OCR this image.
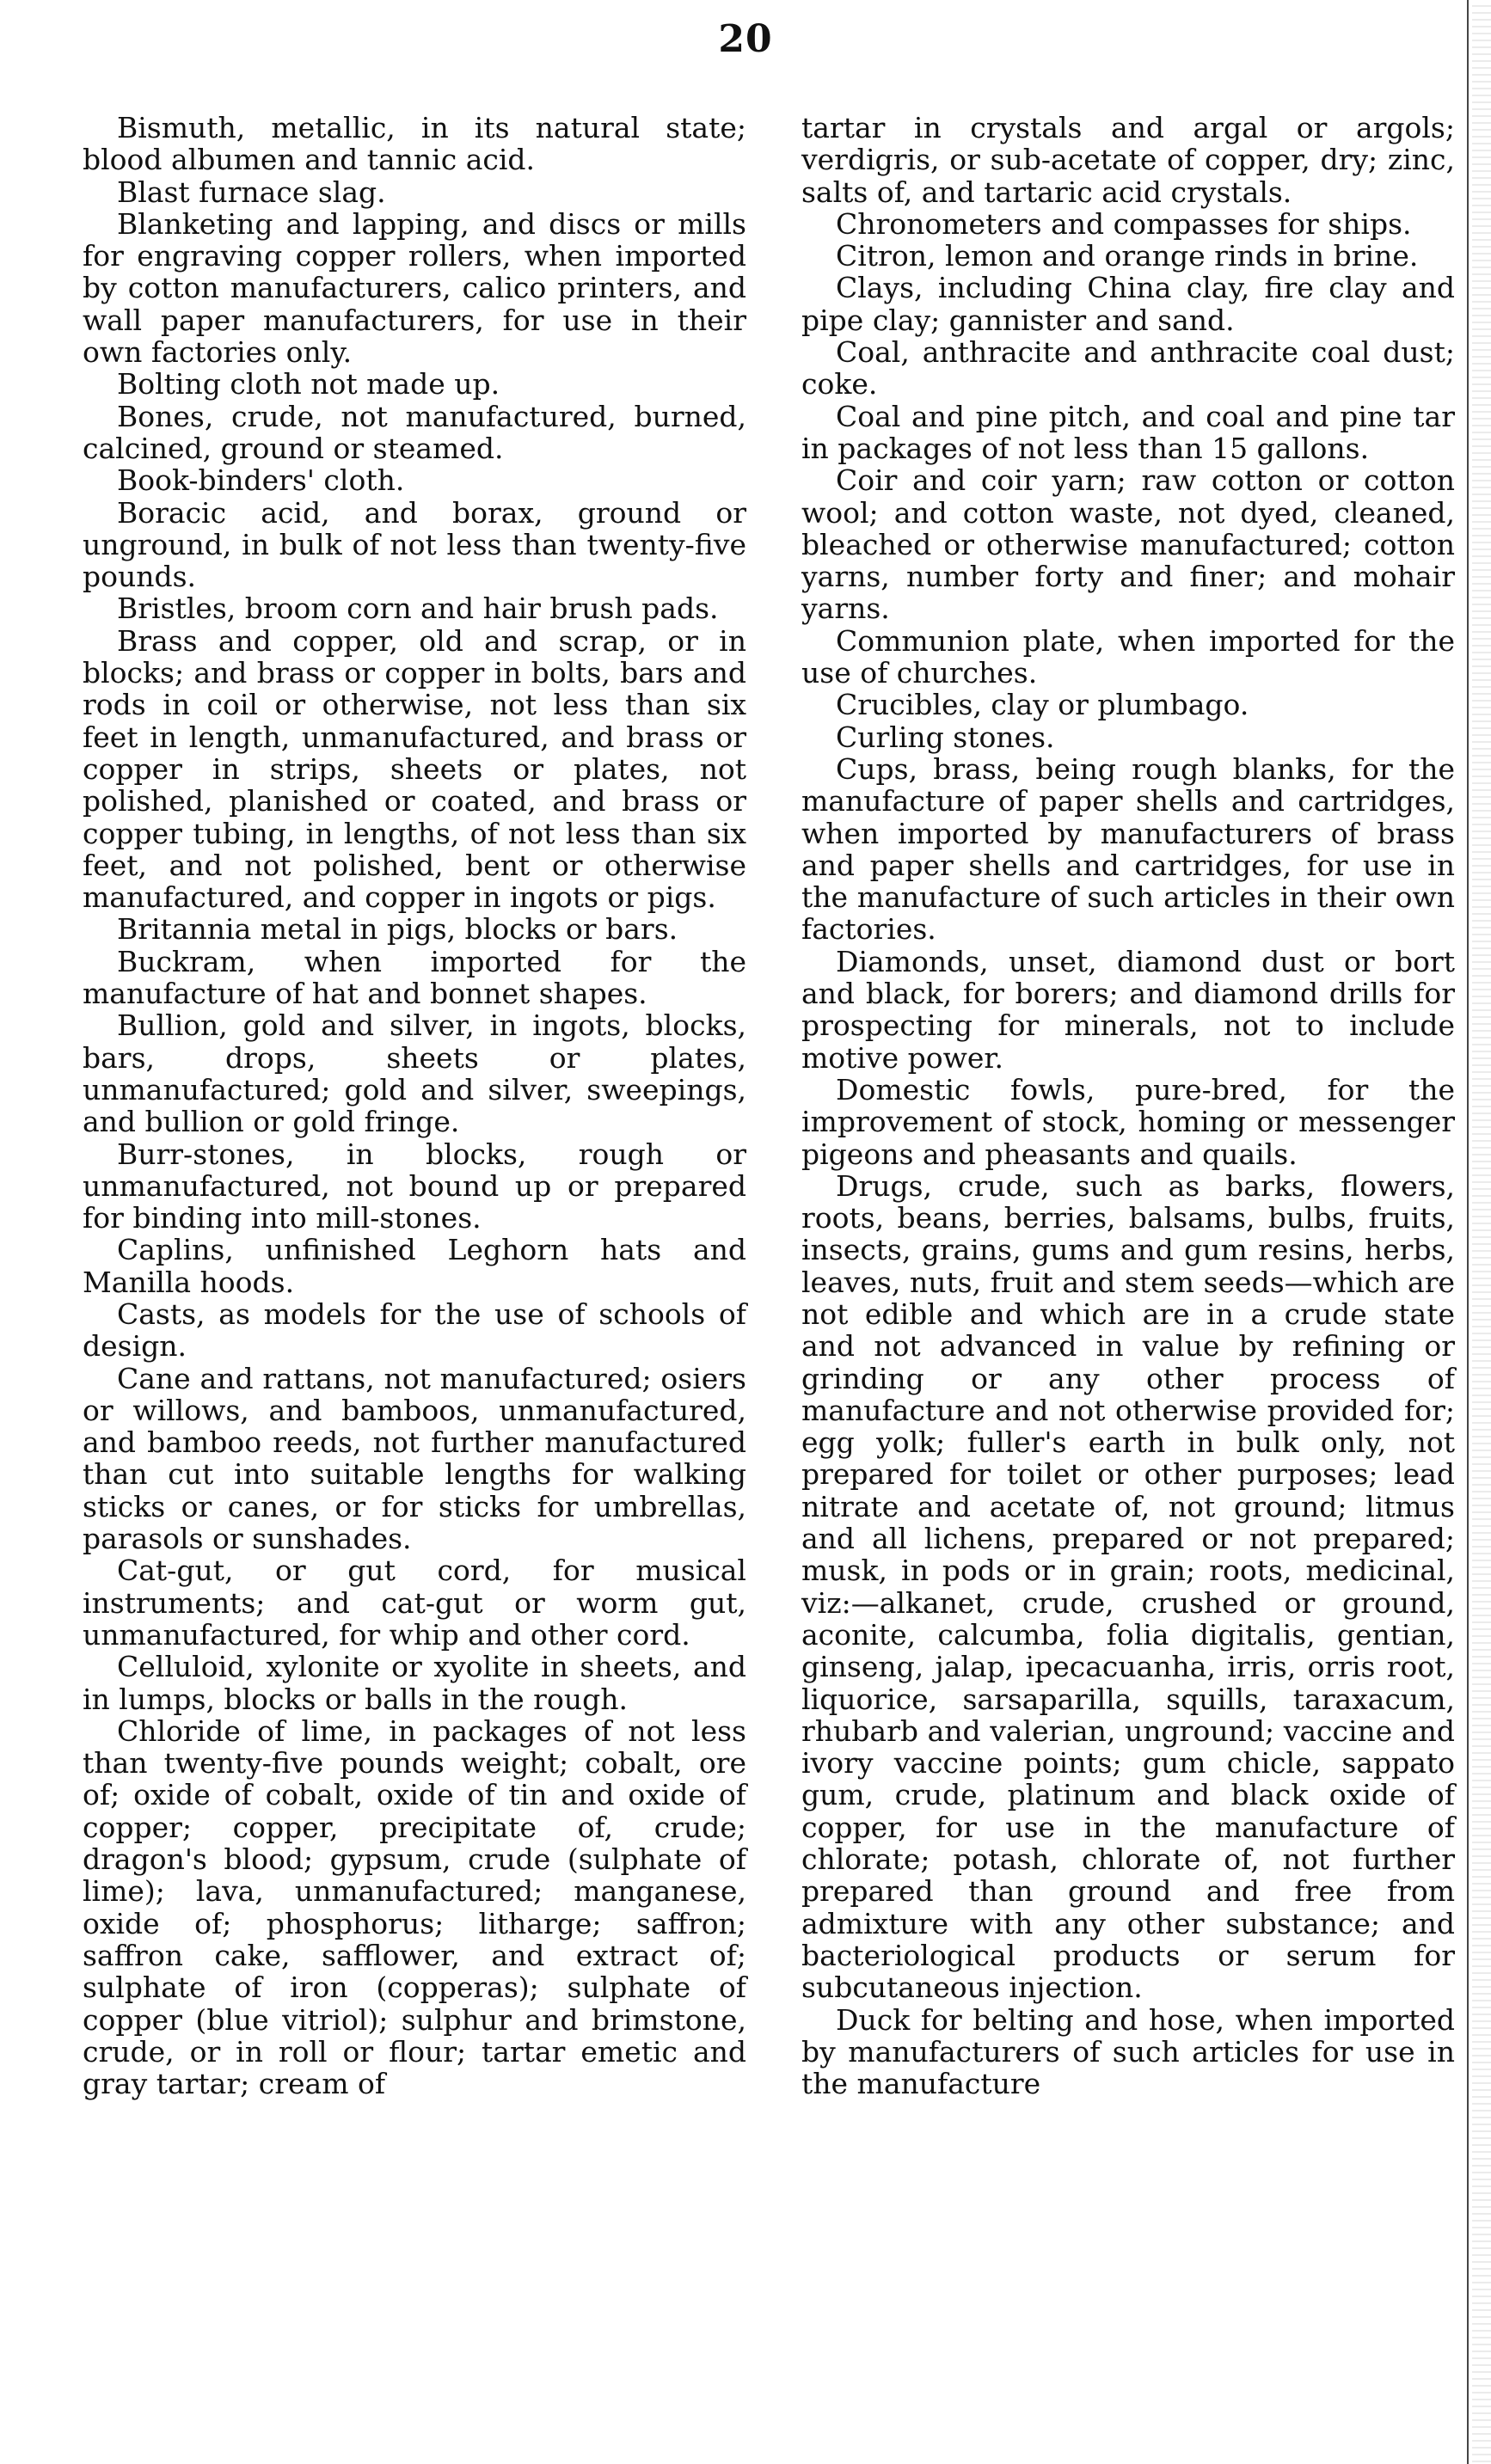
20

Bismuth, metallic, in its natural state; blood albumen and tannic acid.

Blast furnace slag.

Blanketing and lapping, and discs or mills for engraving copper rollers, when imported by cotton manufacturers, calico printers, and wall paper manufacturers, for use in their own factories only.

Bolting cloth not made up.

Bones, crude, not manufactured, burned, calcined, ground or steamed.

Book-binders' cloth.

Boracic acid, and borax, ground or unground, in bulk of not less than twenty-five pounds.

Bristles, broom corn and hair brush pads.

Brass and copper, old and scrap, or in blocks; and brass or copper in bolts, bars and rods in coil or otherwise, not less than six feet in length, unmanufactured, and brass or copper in strips, sheets or plates, not polished, planished or coated, and brass or copper tubing, in lengths, of not less than six feet, and not polished, bent or otherwise manufactured, and copper in ingots or pigs.

Britannia metal in pigs, blocks or bars.

Buckram, when imported for the manufacture of hat and bonnet shapes.

Bullion, gold and silver, in ingots, blocks, bars, drops, sheets or plates, unmanufactured; gold and silver, sweepings, and bullion or gold fringe.

Burr-stones, in blocks, rough or unmanufactured, not bound up or prepared for binding into mill-stones.

Caplins, unfinished Leghorn hats and Manilla hoods.

Casts, as models for the use of schools of design.

Cane and rattans, not manufactured; osiers or willows, and bamboos, unmanufactured, and bamboo reeds, not further manufactured than cut into suitable lengths for walking sticks or canes, or for sticks for umbrellas, parasols or sunshades.

Cat-gut, or gut cord, for musical instruments; and cat-gut or worm gut, unmanufactured, for whip and other cord.

Celluloid, xylonite or xyolite in sheets, and in lumps, blocks or balls in the rough.

Chloride of lime, in packages of not less than twenty-five pounds weight; cobalt, ore of; oxide of cobalt, oxide of tin and oxide of copper; copper, precipitate of, crude; dragon's blood; gypsum, crude (sulphate of lime); lava, unmanufactured; manganese, oxide of; phosphorus; litharge; saffron; saffron cake, safflower, and extract of; sulphate of iron (copperas); sulphate of copper (blue vitriol); sulphur and brimstone, crude, or in roll or flour; tartar emetic and gray tartar; cream of

tartar in crystals and argal or argols; verdigris, or sub-acetate of copper, dry; zinc, salts of, and tartaric acid crystals.

Chronometers and compasses for ships.

Citron, lemon and orange rinds in brine.

Clays, including China clay, fire clay and pipe clay; gannister and sand.

Coal, anthracite and anthracite coal dust; coke.

Coal and pine pitch, and coal and pine tar in packages of not less than 15 gallons.

Coir and coir yarn; raw cotton or cotton wool; and cotton waste, not dyed, cleaned, bleached or otherwise manufactured; cotton yarns, number forty and finer; and mohair yarns.

Communion plate, when imported for the use of churches.

Crucibles, clay or plumbago.

Curling stones.

Cups, brass, being rough blanks, for the manufacture of paper shells and cartridges, when imported by manufacturers of brass and paper shells and cartridges, for use in the manufacture of such articles in their own factories.

Diamonds, unset, diamond dust or bort and black, for borers; and diamond drills for prospecting for minerals, not to include motive power.

Domestic fowls, pure-bred, for the improvement of stock, homing or messenger pigeons and pheasants and quails.

Drugs, crude, such as barks, flowers, roots, beans, berries, balsams, bulbs, fruits, insects, grains, gums and gum resins, herbs, leaves, nuts, fruit and stem seeds—which are not edible and which are in a crude state and not advanced in value by refining or grinding or any other process of manufacture and not otherwise provided for; egg yolk; fuller's earth in bulk only, not prepared for toilet or other purposes; lead nitrate and acetate of, not ground; litmus and all lichens, prepared or not prepared; musk, in pods or in grain; roots, medicinal, viz:—alkanet, crude, crushed or ground, aconite, calcumba, folia digitalis, gentian, ginseng, jalap, ipecacuanha, irris, orris root, liquorice, sarsaparilla, squills, taraxacum, rhubarb and valerian, unground; vaccine and ivory vaccine points; gum chicle, sappato gum, crude, platinum and black oxide of copper, for use in the manufacture of chlorate; potash, chlorate of, not further prepared than ground and free from admixture with any other substance; and bacteriological products or serum for subcutaneous injection.

Duck for belting and hose, when imported by manufacturers of such articles for use in the manufacture
